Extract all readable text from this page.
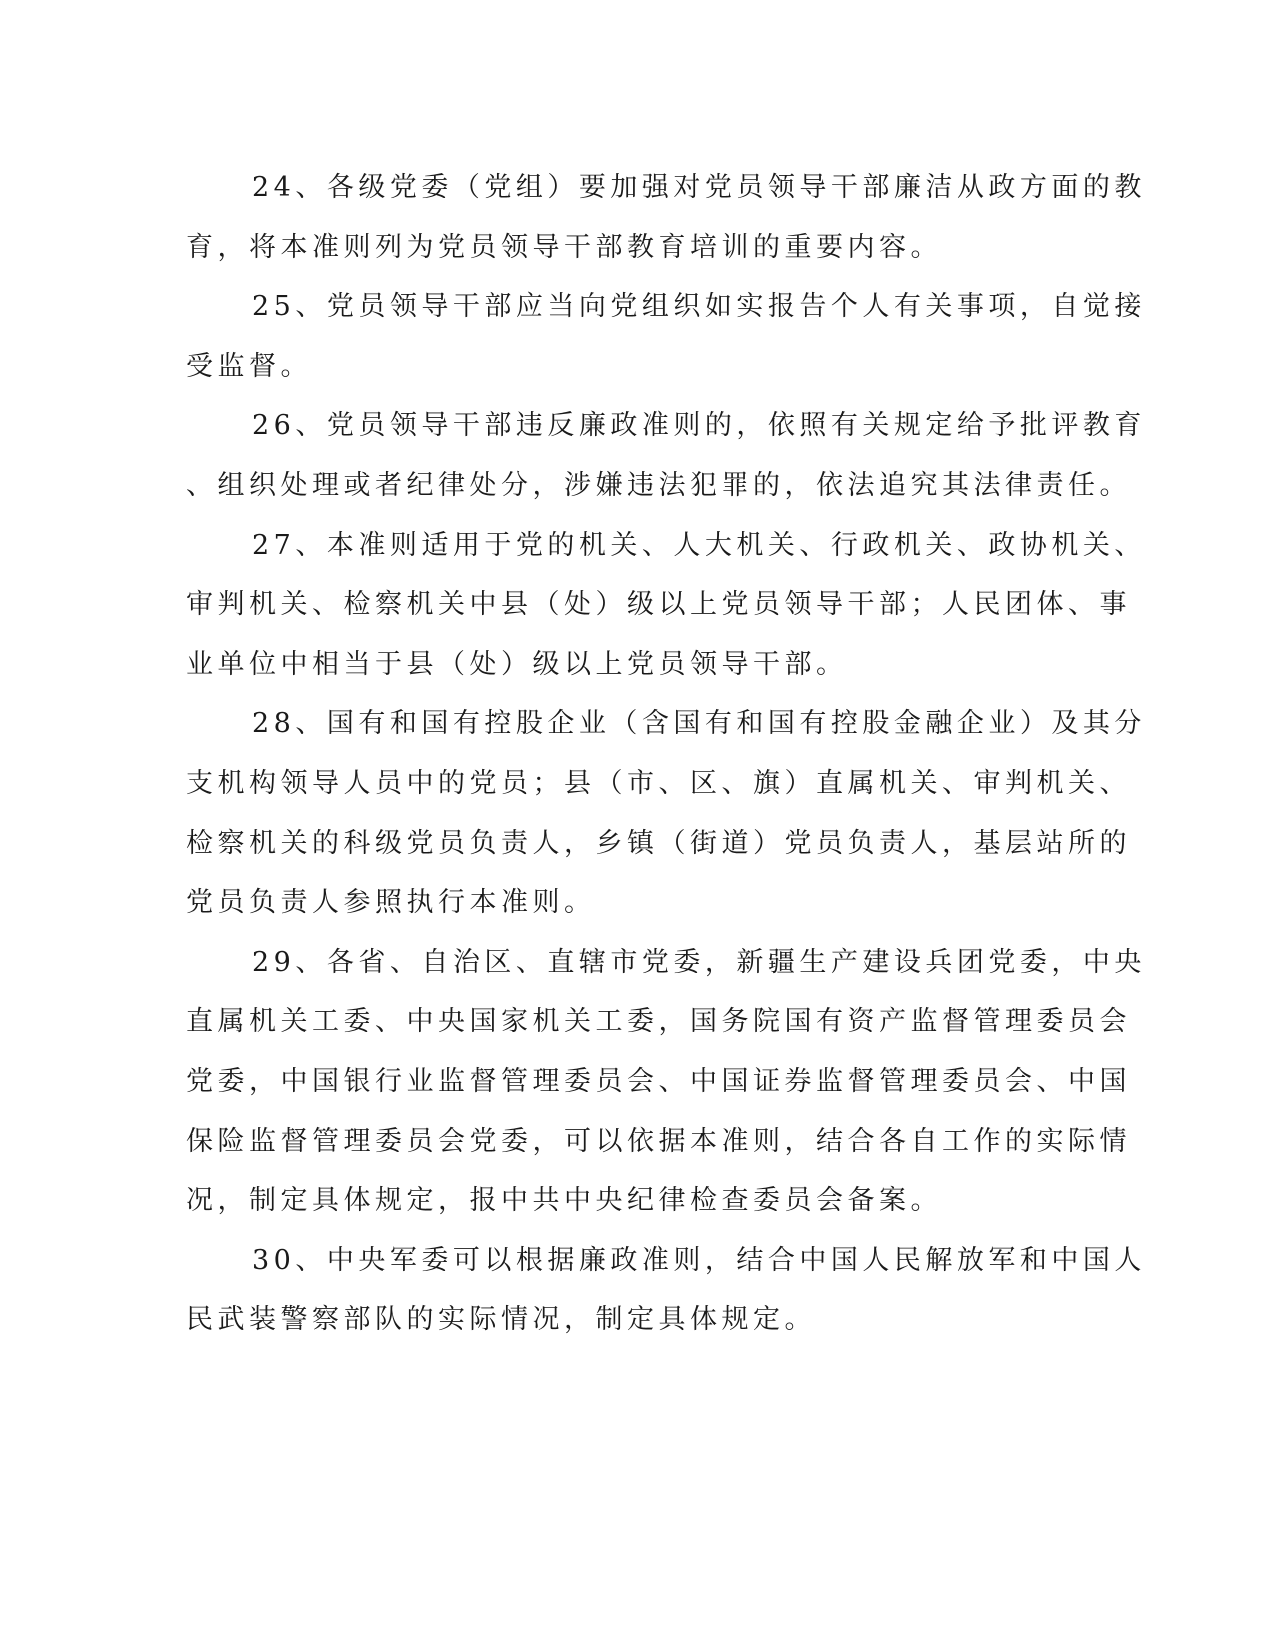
24、各级党委（党组）要加强对党员领导干部廉洁从政方面的教
育，将本准则列为党员领导干部教育培训的重要内容。
25、党员领导干部应当向党组织如实报告个人有关事项，自觉接
受监督。
26、党员领导干部违反廉政准则的，依照有关规定给予批评教育
、组织处理或者纪律处分，涉嫌违法犯罪的，依法追究其法律责任。
27、本准则适用于党的机关、人大机关、行政机关、政协机关、
审判机关、检察机关中县（处）级以上党员领导干部；人民团体、事
业单位中相当于县（处）级以上党员领导干部。
28、国有和国有控股企业（含国有和国有控股金融企业）及其分
支机构领导人员中的党员；县（市、区、旗）直属机关、审判机关、
检察机关的科级党员负责人，乡镇（街道）党员负责人，基层站所的
党员负责人参照执行本准则。
29、各省、自治区、直辖市党委，新疆生产建设兵团党委，中央
直属机关工委、中央国家机关工委，国务院国有资产监督管理委员会
党委，中国银行业监督管理委员会、中国证券监督管理委员会、中国
保险监督管理委员会党委，可以依据本准则，结合各自工作的实际情
况，制定具体规定，报中共中央纪律检查委员会备案。
30、中央军委可以根据廉政准则，结合中国人民解放军和中国人
民武装警察部队的实际情况，制定具体规定。
